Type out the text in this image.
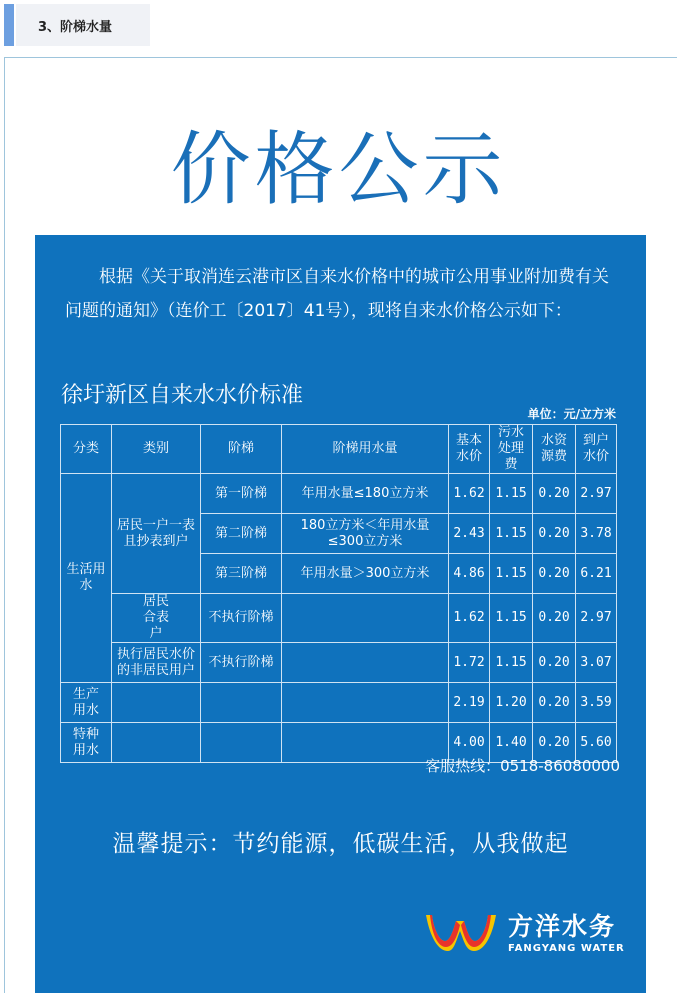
3、阶梯水量
价格公示
根据《关于取消连云港市区自来水价格中的城市公用事业附加费有关问题的通知》（连价工〔2017〕41号），现将自来水价格公示如下：
徐圩新区自来水水价标准
单位：元/立方米
分类	类别	阶梯	阶梯用水量	基本水价	污水处理费	水资源费	到户水价
生活用水	居民一户一表且抄表到户	第一阶梯	年用水量≤180立方米	1.62	1.15	0.20	2.97
		第二阶梯	180立方米＜年用水量≤300立方米	2.43	1.15	0.20	3.78
		第三阶梯	年用水量＞300立方米	4.86	1.15	0.20	6.21
	居民合表户	不执行阶梯		1.62	1.15	0.20	2.97
	执行居民水价的非居民用户	不执行阶梯		1.72	1.15	0.20	3.07
生产用水				2.19	1.20	0.20	3.59
特种用水				4.00	1.40	0.20	5.60
客服热线：0518-86080000
温馨提示：节约能源，低碳生活，从我做起
方洋水务
FANGYANG WATER
